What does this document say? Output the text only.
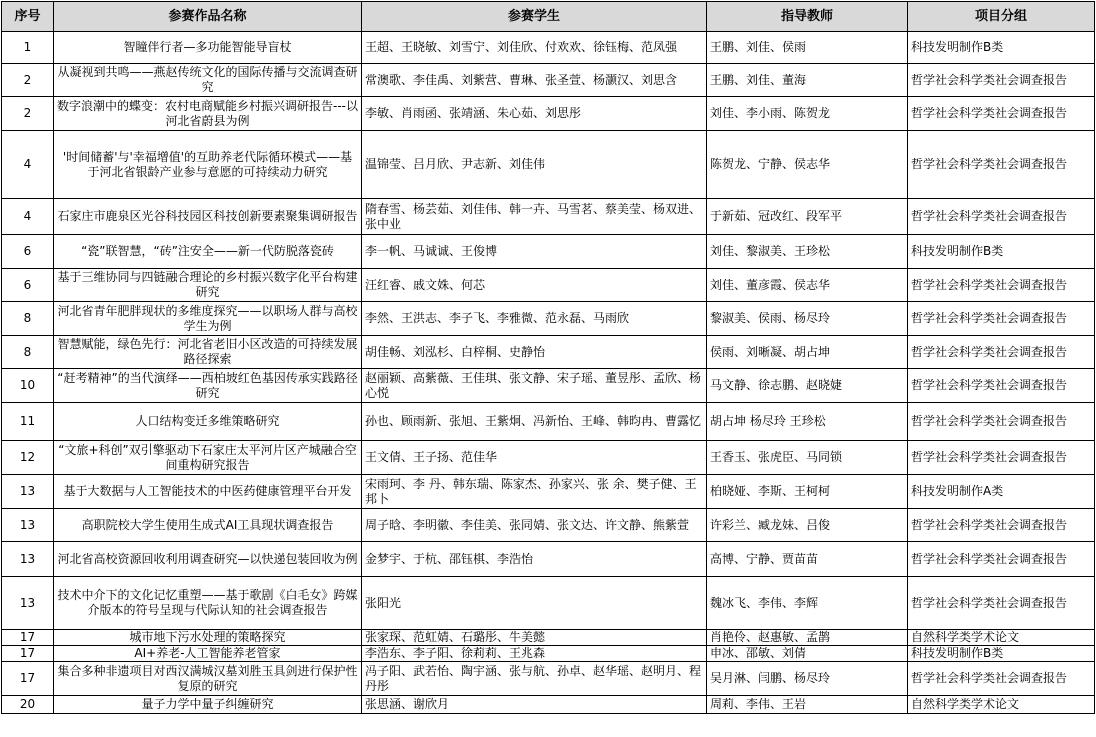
序号	参赛作品名称	参赛学生	指导教师	项目分组
1	智瞳伴行者—多功能智能导盲杖	王超、王晓敏、刘雪宁、刘佳欣、付欢欢、徐钰梅、范凤强	王鹏、刘佳、侯雨	科技发明制作B类
2	从凝视到共鸣——燕赵传统文化的国际传播与交流调查研究	常澳歌、李佳禹、刘紫营、曹琳、张圣萱、杨灏汉、刘思含	王鹏、刘佳、董海	哲学社会科学类社会调查报告
2	数字浪潮中的蝶变：农村电商赋能乡村振兴调研报告---以河北省蔚县为例	李敏、肖雨函、张靖涵、朱心茹、刘思彤	刘佳、李小雨、陈贺龙	哲学社会科学类社会调查报告
4	'时间储蓄'与'幸福增值'的互助养老代际循环模式——基于河北省银龄产业参与意愿的可持续动力研究	温锦莹、吕月欣、尹志新、刘佳伟	陈贺龙、宁静、侯志华	哲学社会科学类社会调查报告
4	石家庄市鹿泉区光谷科技园区科技创新要素聚集调研报告	隋春雪、杨芸茹、刘佳伟、韩一卉、马雪茗、蔡美莹、杨双进、张中业	于新茹、冠改红、段军平	哲学社会科学类社会调查报告
6	“瓷”联智慧，“砖”注安全——新一代防脱落瓷砖	李一帆、马诚诚、王俊博	刘佳、黎淑美、王珍松	科技发明制作B类
6	基于三维协同与四链融合理论的乡村振兴数字化平台构建研究	汪红睿、戚文姝、何芯	刘佳、董彦霞、侯志华	哲学社会科学类社会调查报告
8	河北省青年肥胖现状的多维度探究——以职场人群与高校学生为例	李然、王洪志、李子飞、李雅微、范永磊、马雨欣	黎淑美、侯雨、杨尽玲	哲学社会科学类社会调查报告
8	智慧赋能，绿色先行：河北省老旧小区改造的可持续发展路径探索	胡佳畅、刘泓杉、白梓桐、史静怡	侯雨、刘晰凝、胡占坤	哲学社会科学类社会调查报告
10	“赶考精神”的当代演绎——西柏坡红色基因传承实践路径研究	赵丽颖、高紫薇、王佳琪、张文静、宋子瑶、董昱彤、孟欣、杨心悦	马文静、徐志鹏、赵晓婕	哲学社会科学类社会调查报告
11	人口结构变迁多维策略研究	孙也、顾雨新、张旭、王紫炯、冯新怡、王峰、韩昀冉、曹露忆	胡占坤 杨尽玲 王珍松	哲学社会科学类社会调查报告
12	“文旅+科创”双引擎驱动下石家庄太平河片区产城融合空间重构研究报告	王文倩、王子扬、范佳华	王香玉、张虎臣、马同锁	哲学社会科学类社会调查报告
13	基于大数据与人工智能技术的中医药健康管理平台开发	宋雨珂、李 丹、韩东瑞、陈家杰、孙家兴、张 余、樊子健、王邦卜	柏晓娅、李斯、王柯柯	科技发明制作A类
13	高职院校大学生使用生成式AI工具现状调查报告	周子晗、李明徽、李佳美、张同婧、张文达、许文静、熊紫萱	许彩兰、臧龙妹、吕俊	哲学社会科学类社会调查报告
13	河北省高校资源回收利用调查研究—以快递包装回收为例	金梦宇、于杭、邵钰棋、李浩怡	高博、宁静、贾苗苗	哲学社会科学类社会调查报告
13	技术中介下的文化记忆重塑——基于歌剧《白毛女》跨媒介版本的符号呈现与代际认知的社会调查报告	张阳光	魏冰飞、李伟、李辉	哲学社会科学类社会调查报告
17	城市地下污水处理的策略探究	张家琛、范虹婧、石璐彤、牛美懿	肖艳伶、赵惠敏、孟鹊	自然科学类学术论文
17	AI+养老-人工智能养老管家	李浩东、李子阳、徐莉莉、王兆森	申冰、邵敏、刘倩	科技发明制作B类
17	集合多种非遗项目对西汉满城汉墓刘胜玉具剑进行保护性复原的研究	冯子阳、武若怡、陶宇涵、张与航、孙卓、赵华瑶、赵明月、程丹彤	吴月淋、闫鹏、杨尽玲	哲学社会科学类社会调查报告
20	量子力学中量子纠缠研究	张思涵、谢欣月	周莉、李伟、王岩	自然科学类学术论文
